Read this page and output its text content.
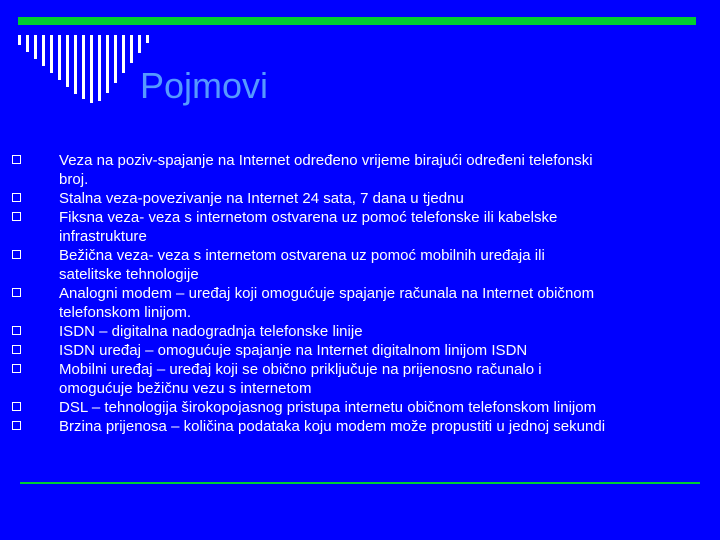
Pojmovi
Veza na poziv-spajanje na Internet određeno vrijeme birajući određeni telefonski
broj.
Stalna veza-povezivanje na Internet 24 sata, 7 dana u tjednu
Fiksna veza- veza s internetom ostvarena uz pomoć telefonske ili kabelske
infrastrukture
Bežična veza- veza s internetom ostvarena uz pomoć mobilnih uređaja ili
satelitske tehnologije
Analogni modem – uređaj koji omogućuje spajanje računala na Internet običnom
telefonskom linijom.
ISDN – digitalna nadogradnja telefonske linije
ISDN uređaj – omogućuje spajanje na Internet digitalnom linijom ISDN
Mobilni uređaj – uređaj koji se obično priključuje na prijenosno računalo i
omogućuje bežičnu vezu s internetom
DSL – tehnologija širokopojasnog pristupa internetu običnom telefonskom linijom
Brzina prijenosa – količina podataka koju modem može propustiti u jednoj sekundi
